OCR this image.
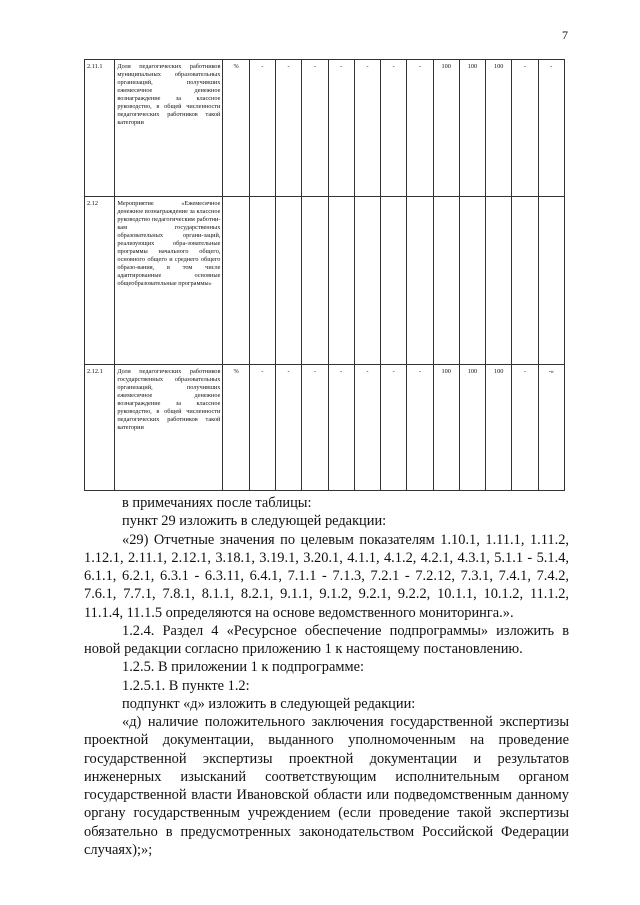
7
2.11.1	Доля педагогических работников муниципальных образовательных организаций, получивших ежемесячное денежное вознаграждение за классное руководство, в общей численности педагогических работников такой категории	%	-	-	-	-	-	-	-	100	100	100	-	-
2.12	Мероприятие «Ежемесячное денежное вознаграждение за классное руководство педагогическим работни-кам государственных образовательных органи-заций, реализующих обра-зовательные программы начального общего, основного общего и среднего общего образо-вания, в том числе адаптированные основные общеобразовательные программы»													
2.12.1	Доля педагогических работников государственных образовательных организаций, получивших ежемесячное денежное вознаграждение за классное руководство, в общей численности педагогических работников такой категории	%	-	-	-	-	-	-	-	100	100	100	-	-»

в примечаниях после таблицы:

пункт 29 изложить в следующей редакции:

«29) Отчетные значения по целевым показателям 1.10.1, 1.11.1, 1.11.2, 1.12.1, 2.11.1, 2.12.1, 3.18.1, 3.19.1, 3.20.1, 4.1.1, 4.1.2, 4.2.1, 4.3.1, 5.1.1 - 5.1.4, 6.1.1, 6.2.1, 6.3.1 - 6.3.11, 6.4.1, 7.1.1 - 7.1.3, 7.2.1 - 7.2.12, 7.3.1, 7.4.1, 7.4.2, 7.6.1, 7.7.1, 7.8.1, 8.1.1, 8.2.1, 9.1.1, 9.1.2, 9.2.1, 9.2.2, 10.1.1, 10.1.2, 11.1.2, 11.1.4, 11.1.5 определяются на основе ведомственного мониторинга.».

1.2.4. Раздел 4 «Ресурсное обеспечение подпрограммы» изложить в новой редакции согласно приложению 1 к настоящему постановлению.

1.2.5. В приложении 1 к подпрограмме:

1.2.5.1. В пункте 1.2:

подпункт «д» изложить в следующей редакции:

«д) наличие положительного заключения государственной экспертизы проектной документации, выданного уполномоченным на проведение государственной экспертизы проектной документации и результатов инженерных изысканий соответствующим исполнительным органом государственной власти Ивановской области или подведомственным данному органу государственным учреждением (если проведение такой экспертизы обязательно в предусмотренных законодательством Российской Федерации случаях);»;
